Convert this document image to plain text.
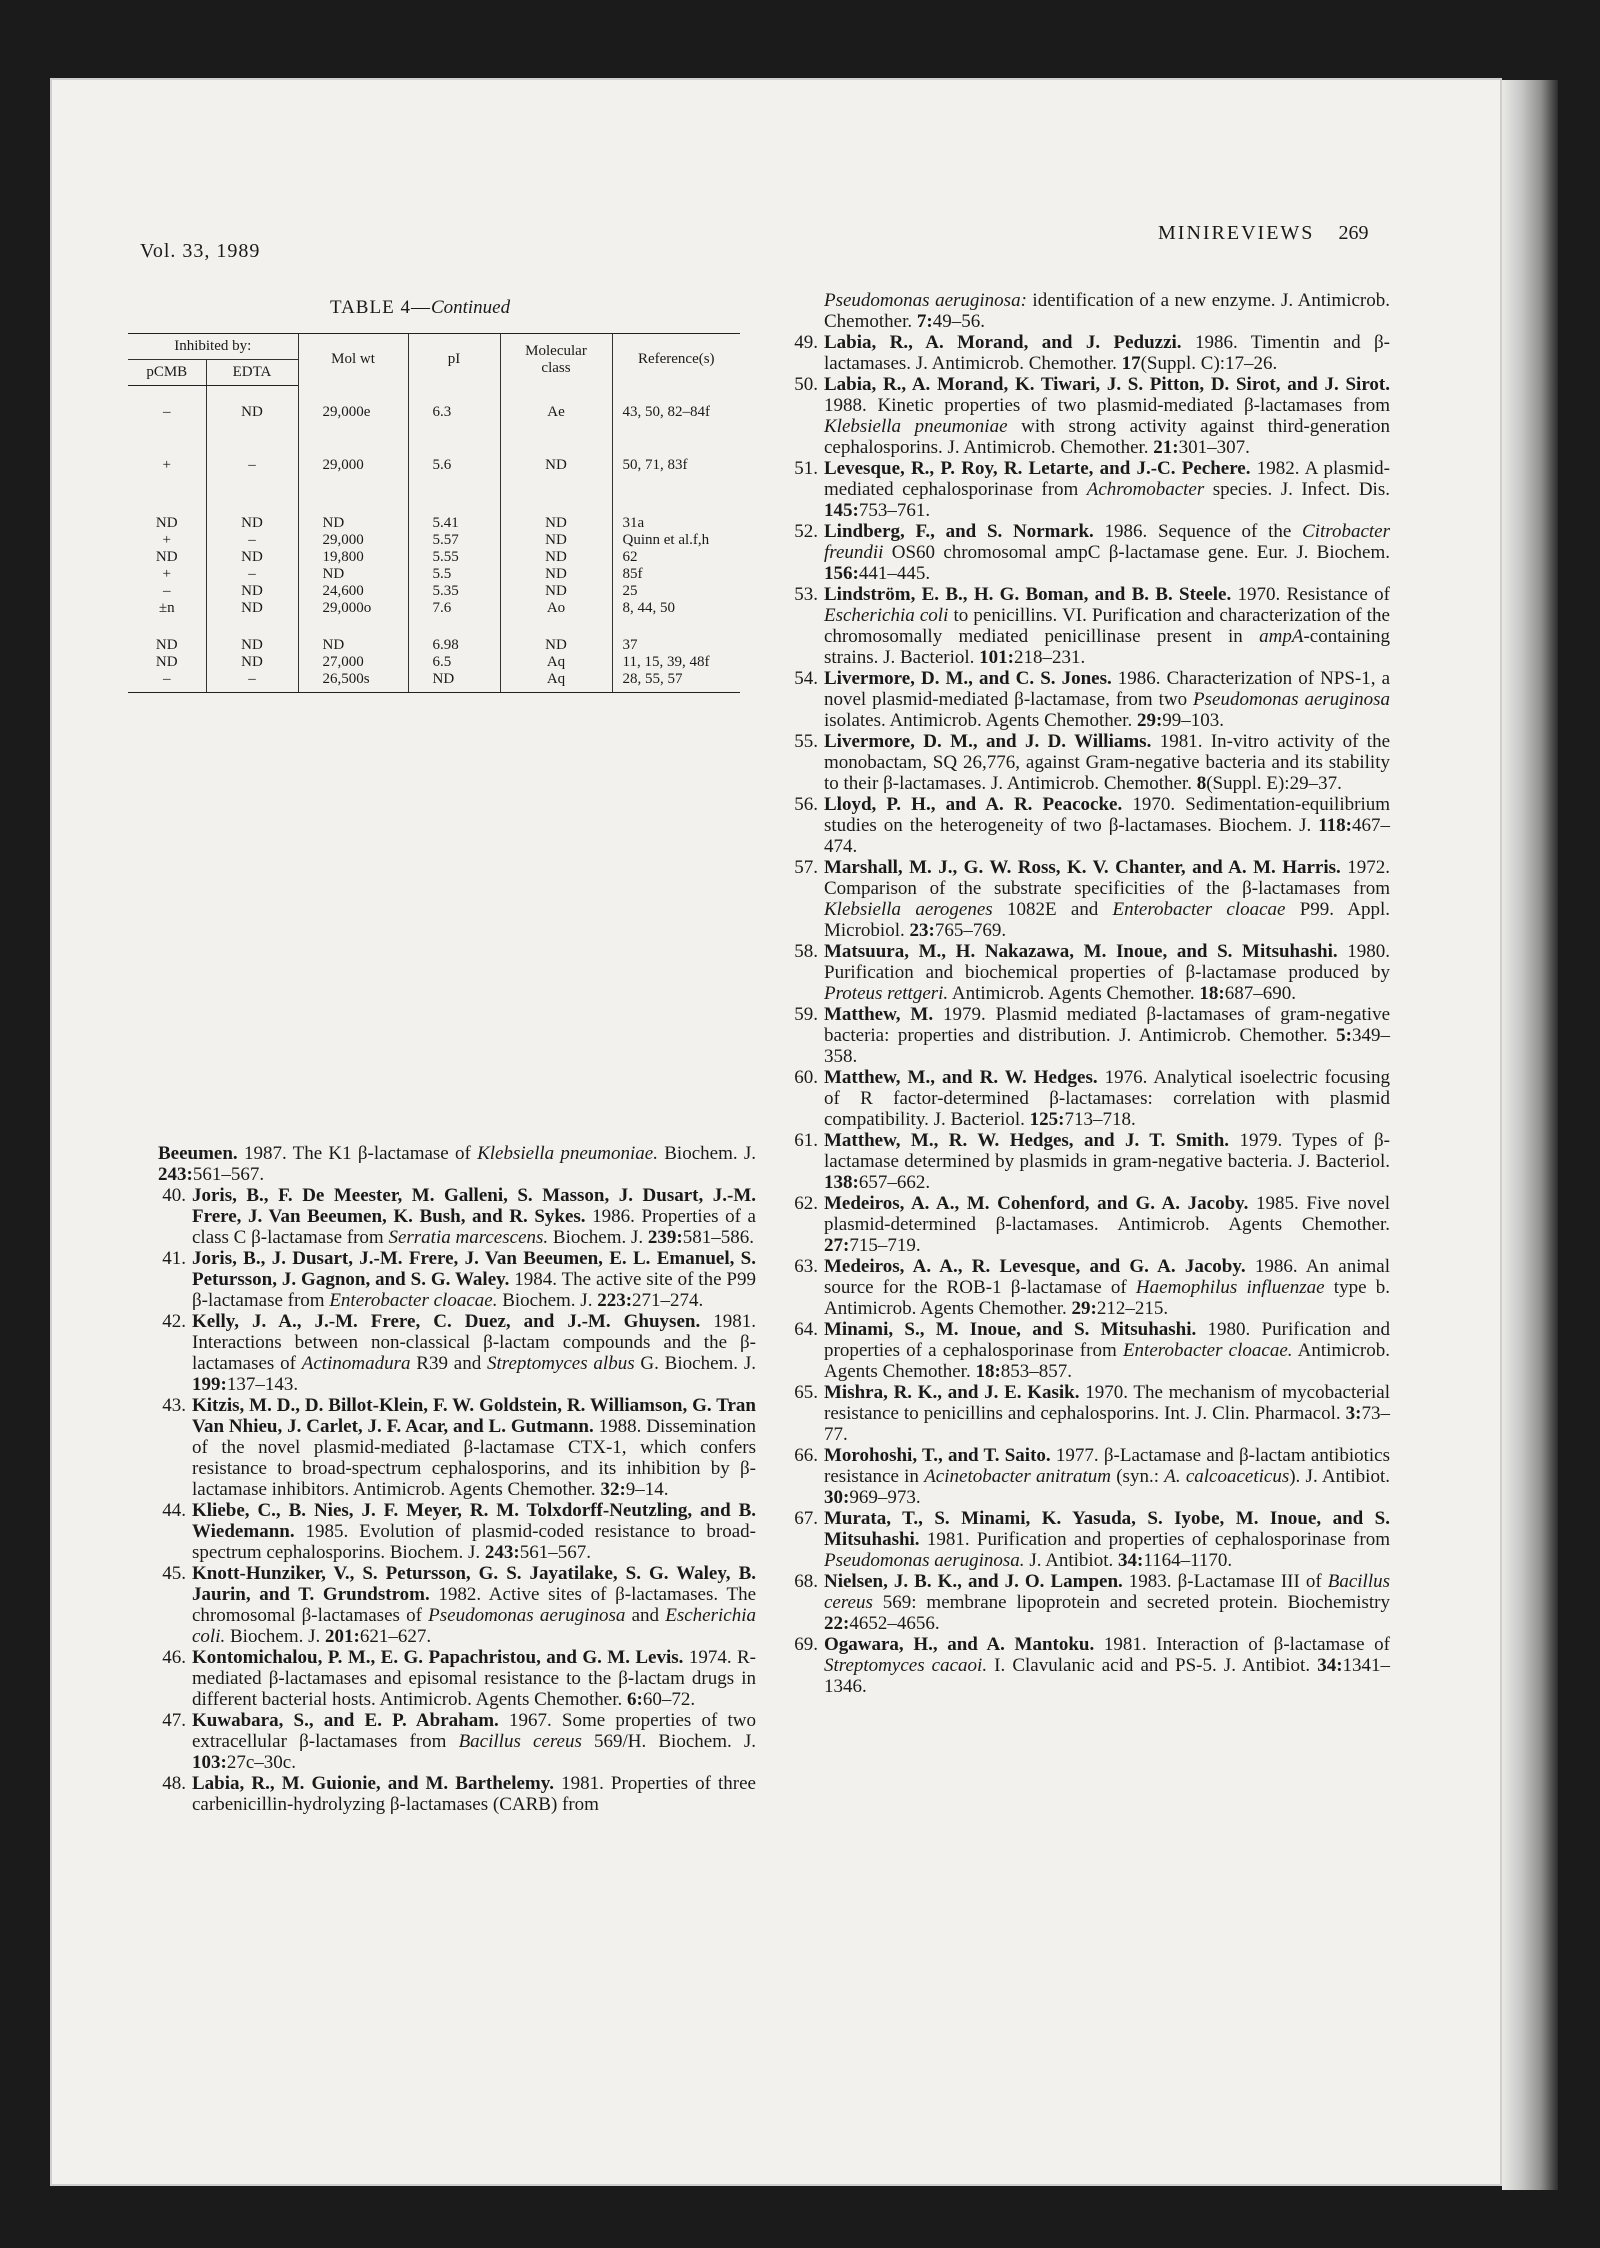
Vol. 33, 1989
MINIREVIEWS 269
TABLE 4—Continued
Inhibited by:		Mol wt	pI	Molecular class	Reference(s)
pCMB	EDTA				
–	ND	29,000e	6.3	Ae	43, 50, 82–84f
+	–	29,000	5.6	ND	50, 71, 83f
ND	ND	ND	5.41	ND	31a
+	–	29,000	5.57	ND	Quinn et al.f,h
ND	ND	19,800	5.55	ND	62
+	–	ND	5.5	ND	85f
–	ND	24,600	5.35	ND	25
±n	ND	29,000o	7.6	Ao	8, 44, 50
ND	ND	ND	6.98	ND	37
ND	ND	27,000	6.5	Aq	11, 15, 39, 48f
–	–	26,500s	ND	Aq	28, 55, 57

Beeumen. 1987. The K1 β-lactamase of Klebsiella pneumoniae. Biochem. J. 243:561–567.

40. Joris, B., F. De Meester, M. Galleni, S. Masson, J. Dusart, J.-M. Frere, J. Van Beeumen, K. Bush, and R. Sykes. 1986. Properties of a class C β-lactamase from Serratia marcescens. Biochem. J. 239:581–586.

41. Joris, B., J. Dusart, J.-M. Frere, J. Van Beeumen, E. L. Emanuel, S. Petursson, J. Gagnon, and S. G. Waley. 1984. The active site of the P99 β-lactamase from Enterobacter cloacae. Biochem. J. 223:271–274.

42. Kelly, J. A., J.-M. Frere, C. Duez, and J.-M. Ghuysen. 1981. Interactions between non-classical β-lactam compounds and the β-lactamases of Actinomadura R39 and Streptomyces albus G. Biochem. J. 199:137–143.

43. Kitzis, M. D., D. Billot-Klein, F. W. Goldstein, R. Williamson, G. Tran Van Nhieu, J. Carlet, J. F. Acar, and L. Gutmann. 1988. Dissemination of the novel plasmid-mediated β-lactamase CTX-1, which confers resistance to broad-spectrum cephalosporins, and its inhibition by β-lactamase inhibitors. Antimicrob. Agents Chemother. 32:9–14.

44. Kliebe, C., B. Nies, J. F. Meyer, R. M. Tolxdorff-Neutzling, and B. Wiedemann. 1985. Evolution of plasmid-coded resistance to broad-spectrum cephalosporins. Biochem. J. 243:561–567.

45. Knott-Hunziker, V., S. Petursson, G. S. Jayatilake, S. G. Waley, B. Jaurin, and T. Grundstrom. 1982. Active sites of β-lactamases. The chromosomal β-lactamases of Pseudomonas aeruginosa and Escherichia coli. Biochem. J. 201:621–627.

46. Kontomichalou, P. M., E. G. Papachristou, and G. M. Levis. 1974. R-mediated β-lactamases and episomal resistance to the β-lactam drugs in different bacterial hosts. Antimicrob. Agents Chemother. 6:60–72.

47. Kuwabara, S., and E. P. Abraham. 1967. Some properties of two extracellular β-lactamases from Bacillus cereus 569/H. Biochem. J. 103:27c–30c.

48. Labia, R., M. Guionie, and M. Barthelemy. 1981. Properties of three carbenicillin-hydrolyzing β-lactamases (CARB) from

Pseudomonas aeruginosa: identification of a new enzyme. J. Antimicrob. Chemother. 7:49–56.

49. Labia, R., A. Morand, and J. Peduzzi. 1986. Timentin and β-lactamases. J. Antimicrob. Chemother. 17(Suppl. C):17–26.

50. Labia, R., A. Morand, K. Tiwari, J. S. Pitton, D. Sirot, and J. Sirot. 1988. Kinetic properties of two plasmid-mediated β-lactamases from Klebsiella pneumoniae with strong activity against third-generation cephalosporins. J. Antimicrob. Chemother. 21:301–307.

51. Levesque, R., P. Roy, R. Letarte, and J.-C. Pechere. 1982. A plasmid-mediated cephalosporinase from Achromobacter species. J. Infect. Dis. 145:753–761.

52. Lindberg, F., and S. Normark. 1986. Sequence of the Citrobacter freundii OS60 chromosomal ampC β-lactamase gene. Eur. J. Biochem. 156:441–445.

53. Lindström, E. B., H. G. Boman, and B. B. Steele. 1970. Resistance of Escherichia coli to penicillins. VI. Purification and characterization of the chromosomally mediated penicillinase present in ampA-containing strains. J. Bacteriol. 101:218–231.

54. Livermore, D. M., and C. S. Jones. 1986. Characterization of NPS-1, a novel plasmid-mediated β-lactamase, from two Pseudomonas aeruginosa isolates. Antimicrob. Agents Chemother. 29:99–103.

55. Livermore, D. M., and J. D. Williams. 1981. In-vitro activity of the monobactam, SQ 26,776, against Gram-negative bacteria and its stability to their β-lactamases. J. Antimicrob. Chemother. 8(Suppl. E):29–37.

56. Lloyd, P. H., and A. R. Peacocke. 1970. Sedimentation-equilibrium studies on the heterogeneity of two β-lactamases. Biochem. J. 118:467–474.

57. Marshall, M. J., G. W. Ross, K. V. Chanter, and A. M. Harris. 1972. Comparison of the substrate specificities of the β-lactamases from Klebsiella aerogenes 1082E and Enterobacter cloacae P99. Appl. Microbiol. 23:765–769.

58. Matsuura, M., H. Nakazawa, M. Inoue, and S. Mitsuhashi. 1980. Purification and biochemical properties of β-lactamase produced by Proteus rettgeri. Antimicrob. Agents Chemother. 18:687–690.

59. Matthew, M. 1979. Plasmid mediated β-lactamases of gram-negative bacteria: properties and distribution. J. Antimicrob. Chemother. 5:349–358.

60. Matthew, M., and R. W. Hedges. 1976. Analytical isoelectric focusing of R factor-determined β-lactamases: correlation with plasmid compatibility. J. Bacteriol. 125:713–718.

61. Matthew, M., R. W. Hedges, and J. T. Smith. 1979. Types of β-lactamase determined by plasmids in gram-negative bacteria. J. Bacteriol. 138:657–662.

62. Medeiros, A. A., M. Cohenford, and G. A. Jacoby. 1985. Five novel plasmid-determined β-lactamases. Antimicrob. Agents Chemother. 27:715–719.

63. Medeiros, A. A., R. Levesque, and G. A. Jacoby. 1986. An animal source for the ROB-1 β-lactamase of Haemophilus influenzae type b. Antimicrob. Agents Chemother. 29:212–215.

64. Minami, S., M. Inoue, and S. Mitsuhashi. 1980. Purification and properties of a cephalosporinase from Enterobacter cloacae. Antimicrob. Agents Chemother. 18:853–857.

65. Mishra, R. K., and J. E. Kasik. 1970. The mechanism of mycobacterial resistance to penicillins and cephalosporins. Int. J. Clin. Pharmacol. 3:73–77.

66. Morohoshi, T., and T. Saito. 1977. β-Lactamase and β-lactam antibiotics resistance in Acinetobacter anitratum (syn.: A. calcoaceticus). J. Antibiot. 30:969–973.

67. Murata, T., S. Minami, K. Yasuda, S. Iyobe, M. Inoue, and S. Mitsuhashi. 1981. Purification and properties of cephalosporinase from Pseudomonas aeruginosa. J. Antibiot. 34:1164–1170.

68. Nielsen, J. B. K., and J. O. Lampen. 1983. β-Lactamase III of Bacillus cereus 569: membrane lipoprotein and secreted protein. Biochemistry 22:4652–4656.

69. Ogawara, H., and A. Mantoku. 1981. Interaction of β-lactamase of Streptomyces cacaoi. I. Clavulanic acid and PS-5. J. Antibiot. 34:1341–1346.
